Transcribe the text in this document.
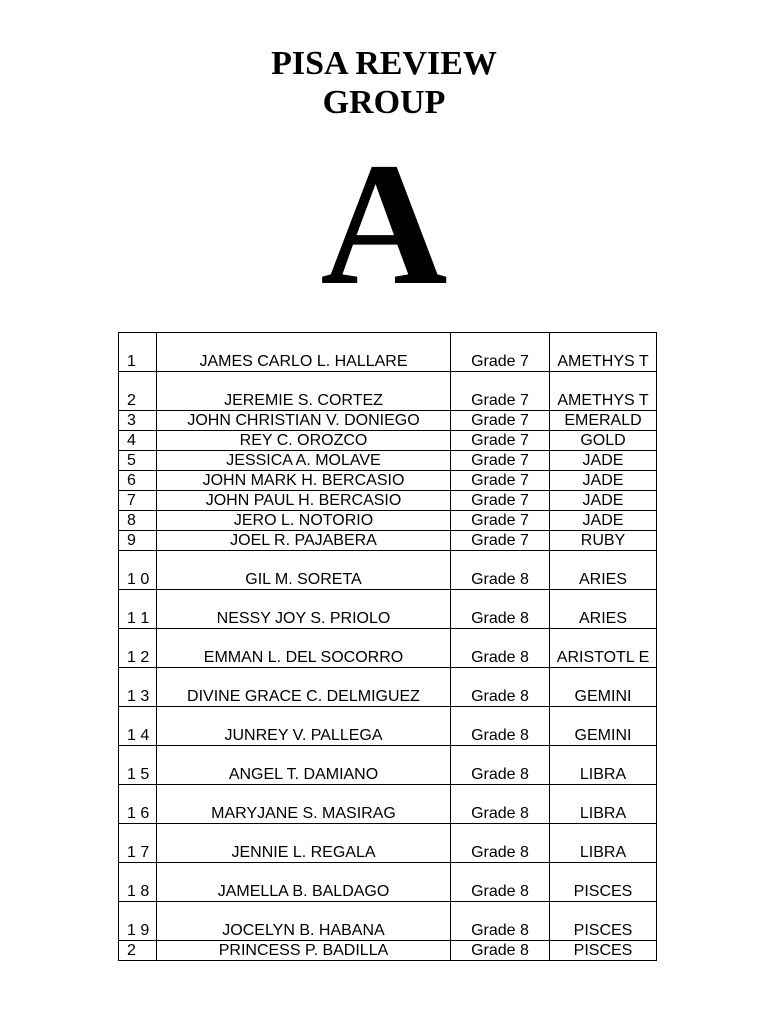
PISA REVIEW
GROUP
A
1	JAMES CARLO L. HALLARE	Grade 7	AMETHYS T
2	JEREMIE S. CORTEZ	Grade 7	AMETHYS T
3	JOHN CHRISTIAN V. DONIEGO	Grade 7	EMERALD
4	REY C. OROZCO	Grade 7	GOLD
5	JESSICA A. MOLAVE	Grade 7	JADE
6	JOHN MARK H. BERCASIO	Grade 7	JADE
7	JOHN PAUL H. BERCASIO	Grade 7	JADE
8	JERO L. NOTORIO	Grade 7	JADE
9	JOEL R. PAJABERA	Grade 7	RUBY
1 0	GIL M. SORETA	Grade 8	ARIES
1 1	NESSY JOY S. PRIOLO	Grade 8	ARIES
1 2	EMMAN L. DEL SOCORRO	Grade 8	ARISTOTL E
1 3	DIVINE GRACE C. DELMIGUEZ	Grade 8	GEMINI
1 4	JUNREY V. PALLEGA	Grade 8	GEMINI
1 5	ANGEL T. DAMIANO	Grade 8	LIBRA
1 6	MARYJANE S. MASIRAG	Grade 8	LIBRA
1 7	JENNIE L. REGALA	Grade 8	LIBRA
1 8	JAMELLA B. BALDAGO	Grade 8	PISCES
1 9	JOCELYN B. HABANA	Grade 8	PISCES
2	PRINCESS P. BADILLA	Grade 8	PISCES
